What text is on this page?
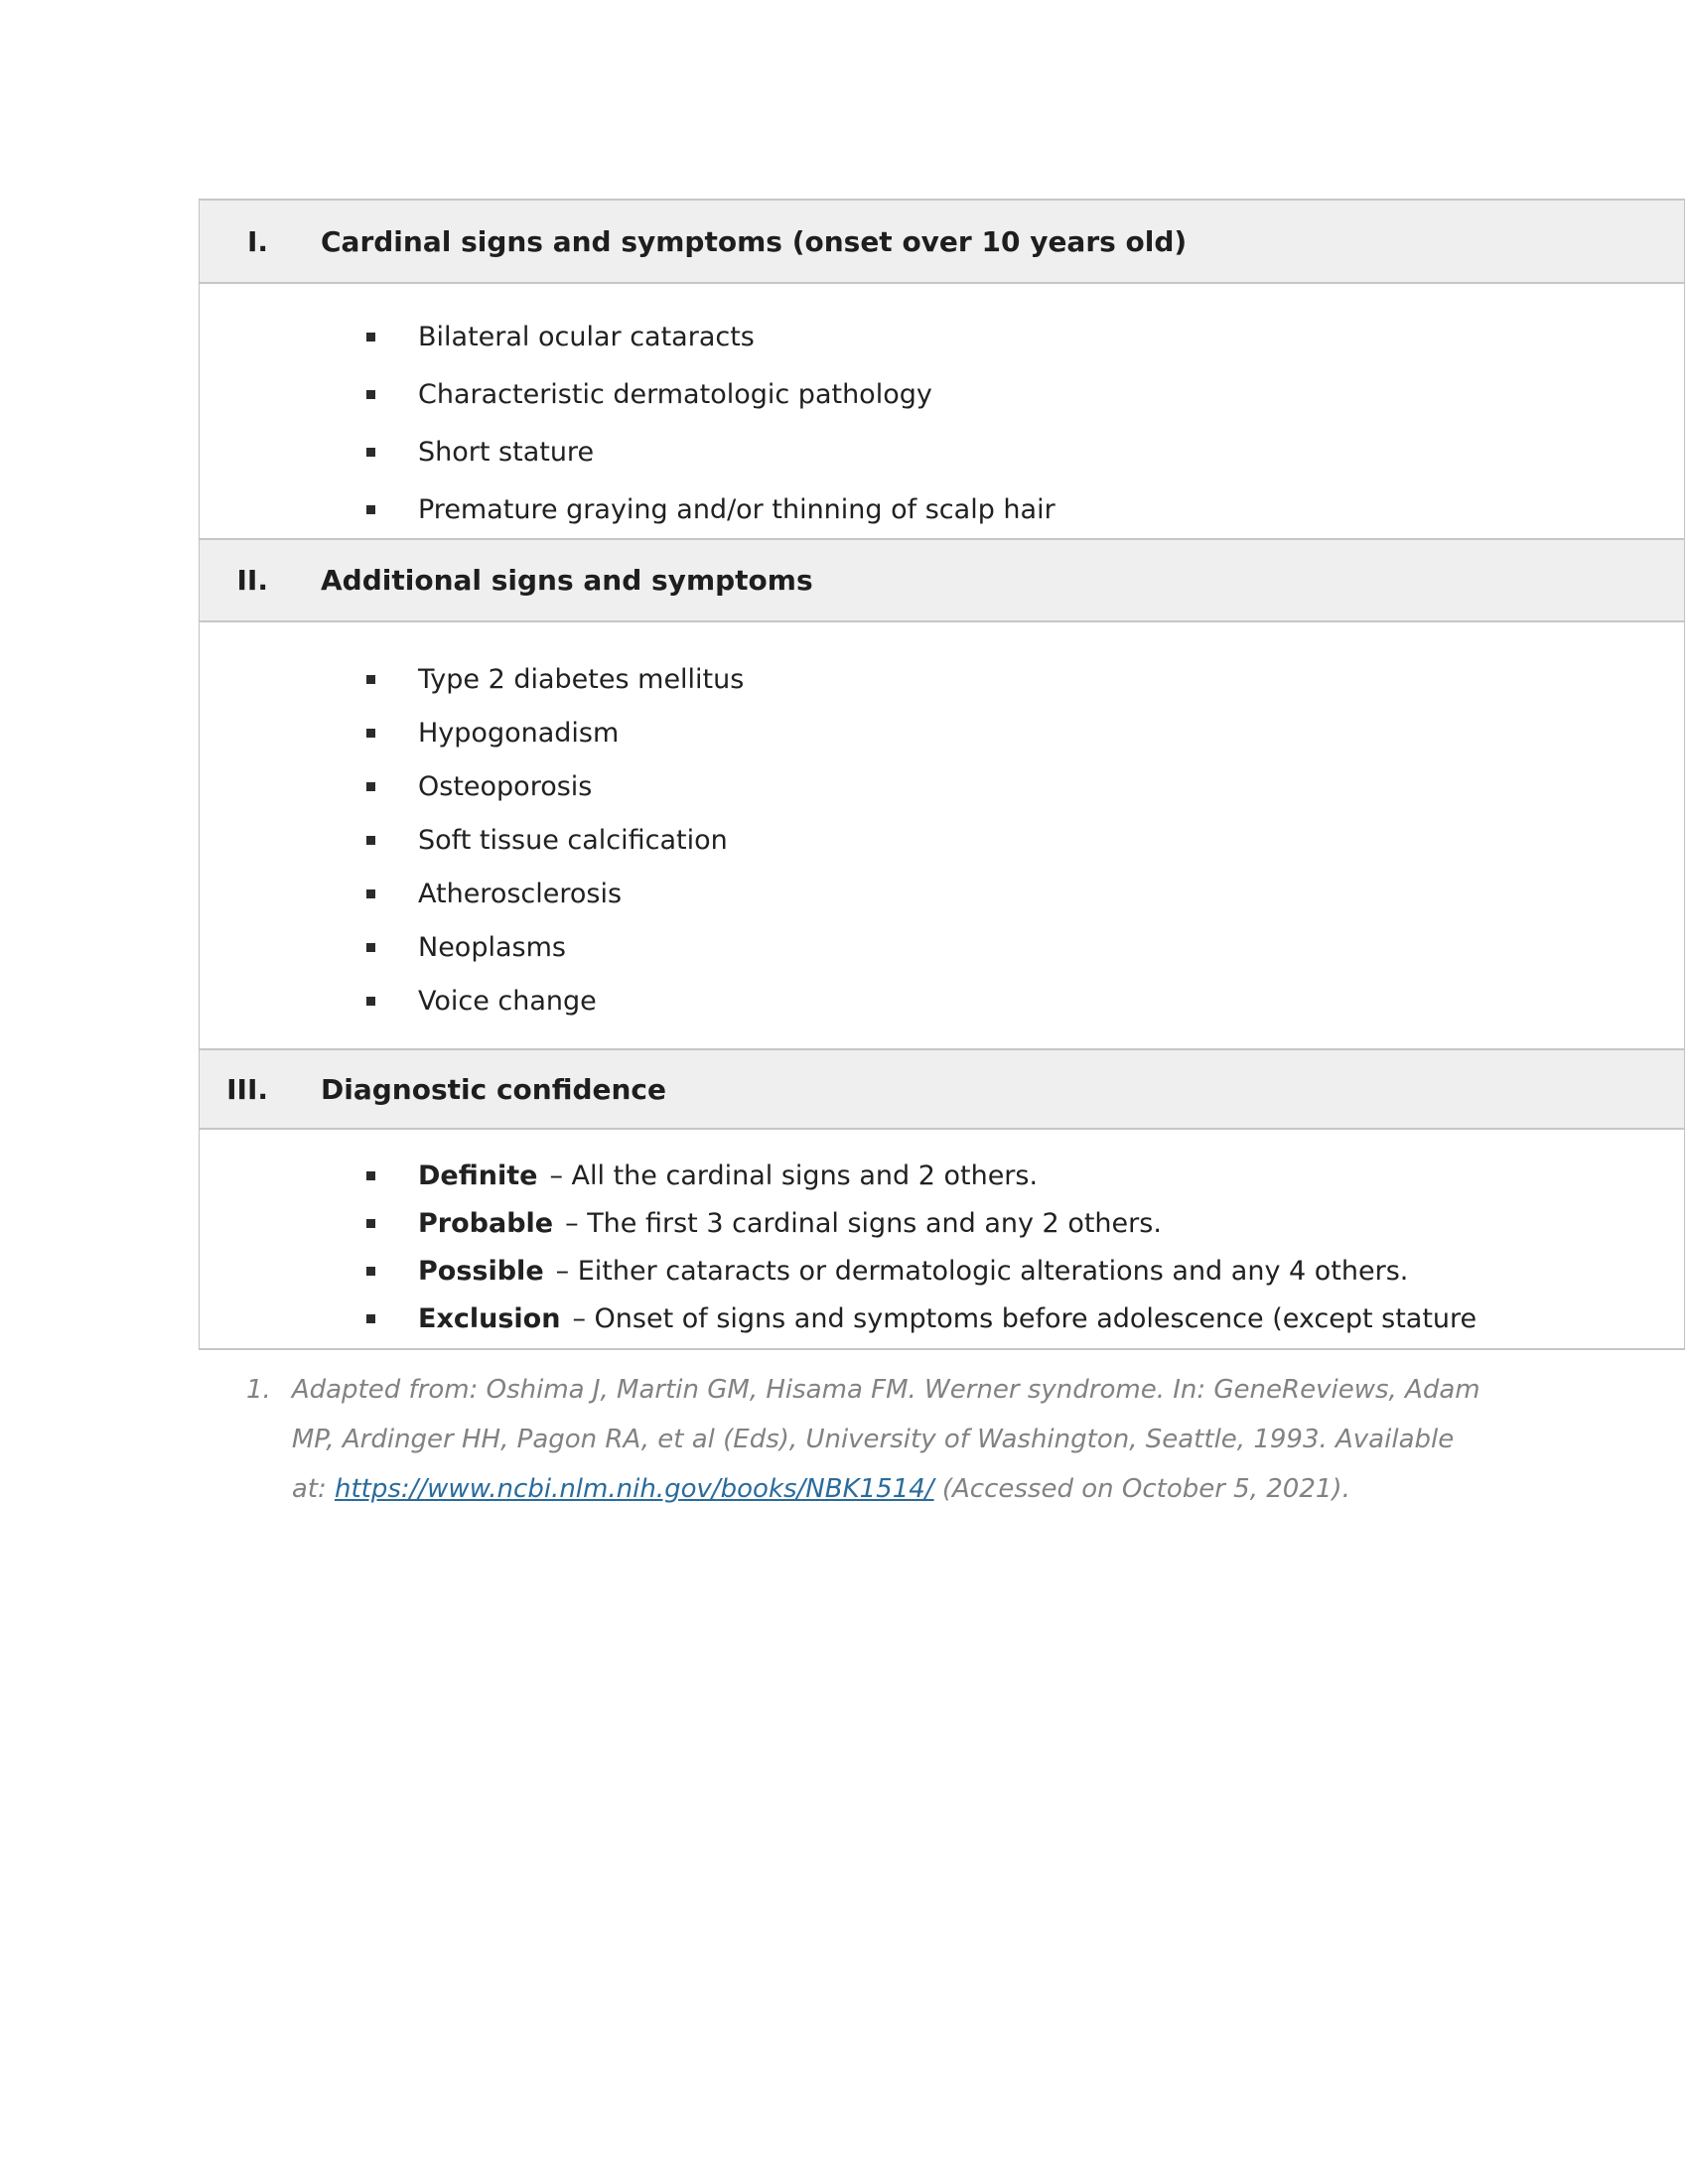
I. Cardinal signs and symptoms (onset over 10 years old)
Bilateral ocular cataracts
Characteristic dermatologic pathology
Short stature
Premature graying and/or thinning of scalp hair
II. Additional signs and symptoms
Type 2 diabetes mellitus
Hypogonadism
Osteoporosis
Soft tissue calcification
Atherosclerosis
Neoplasms
Voice change
III. Diagnostic confidence
Definite – All the cardinal signs and 2 others.
Probable – The first 3 cardinal signs and any 2 others.
Possible – Either cataracts or dermatologic alterations and any 4 others.
Exclusion – Onset of signs and symptoms before adolescence (except stature
1. Adapted from: Oshima J, Martin GM, Hisama FM. Werner syndrome. In: GeneReviews, Adam
MP, Ardinger HH, Pagon RA, et al (Eds), University of Washington, Seattle, 1993. Available
at: https://www.ncbi.nlm.nih.gov/books/NBK1514/ (Accessed on October 5, 2021).
